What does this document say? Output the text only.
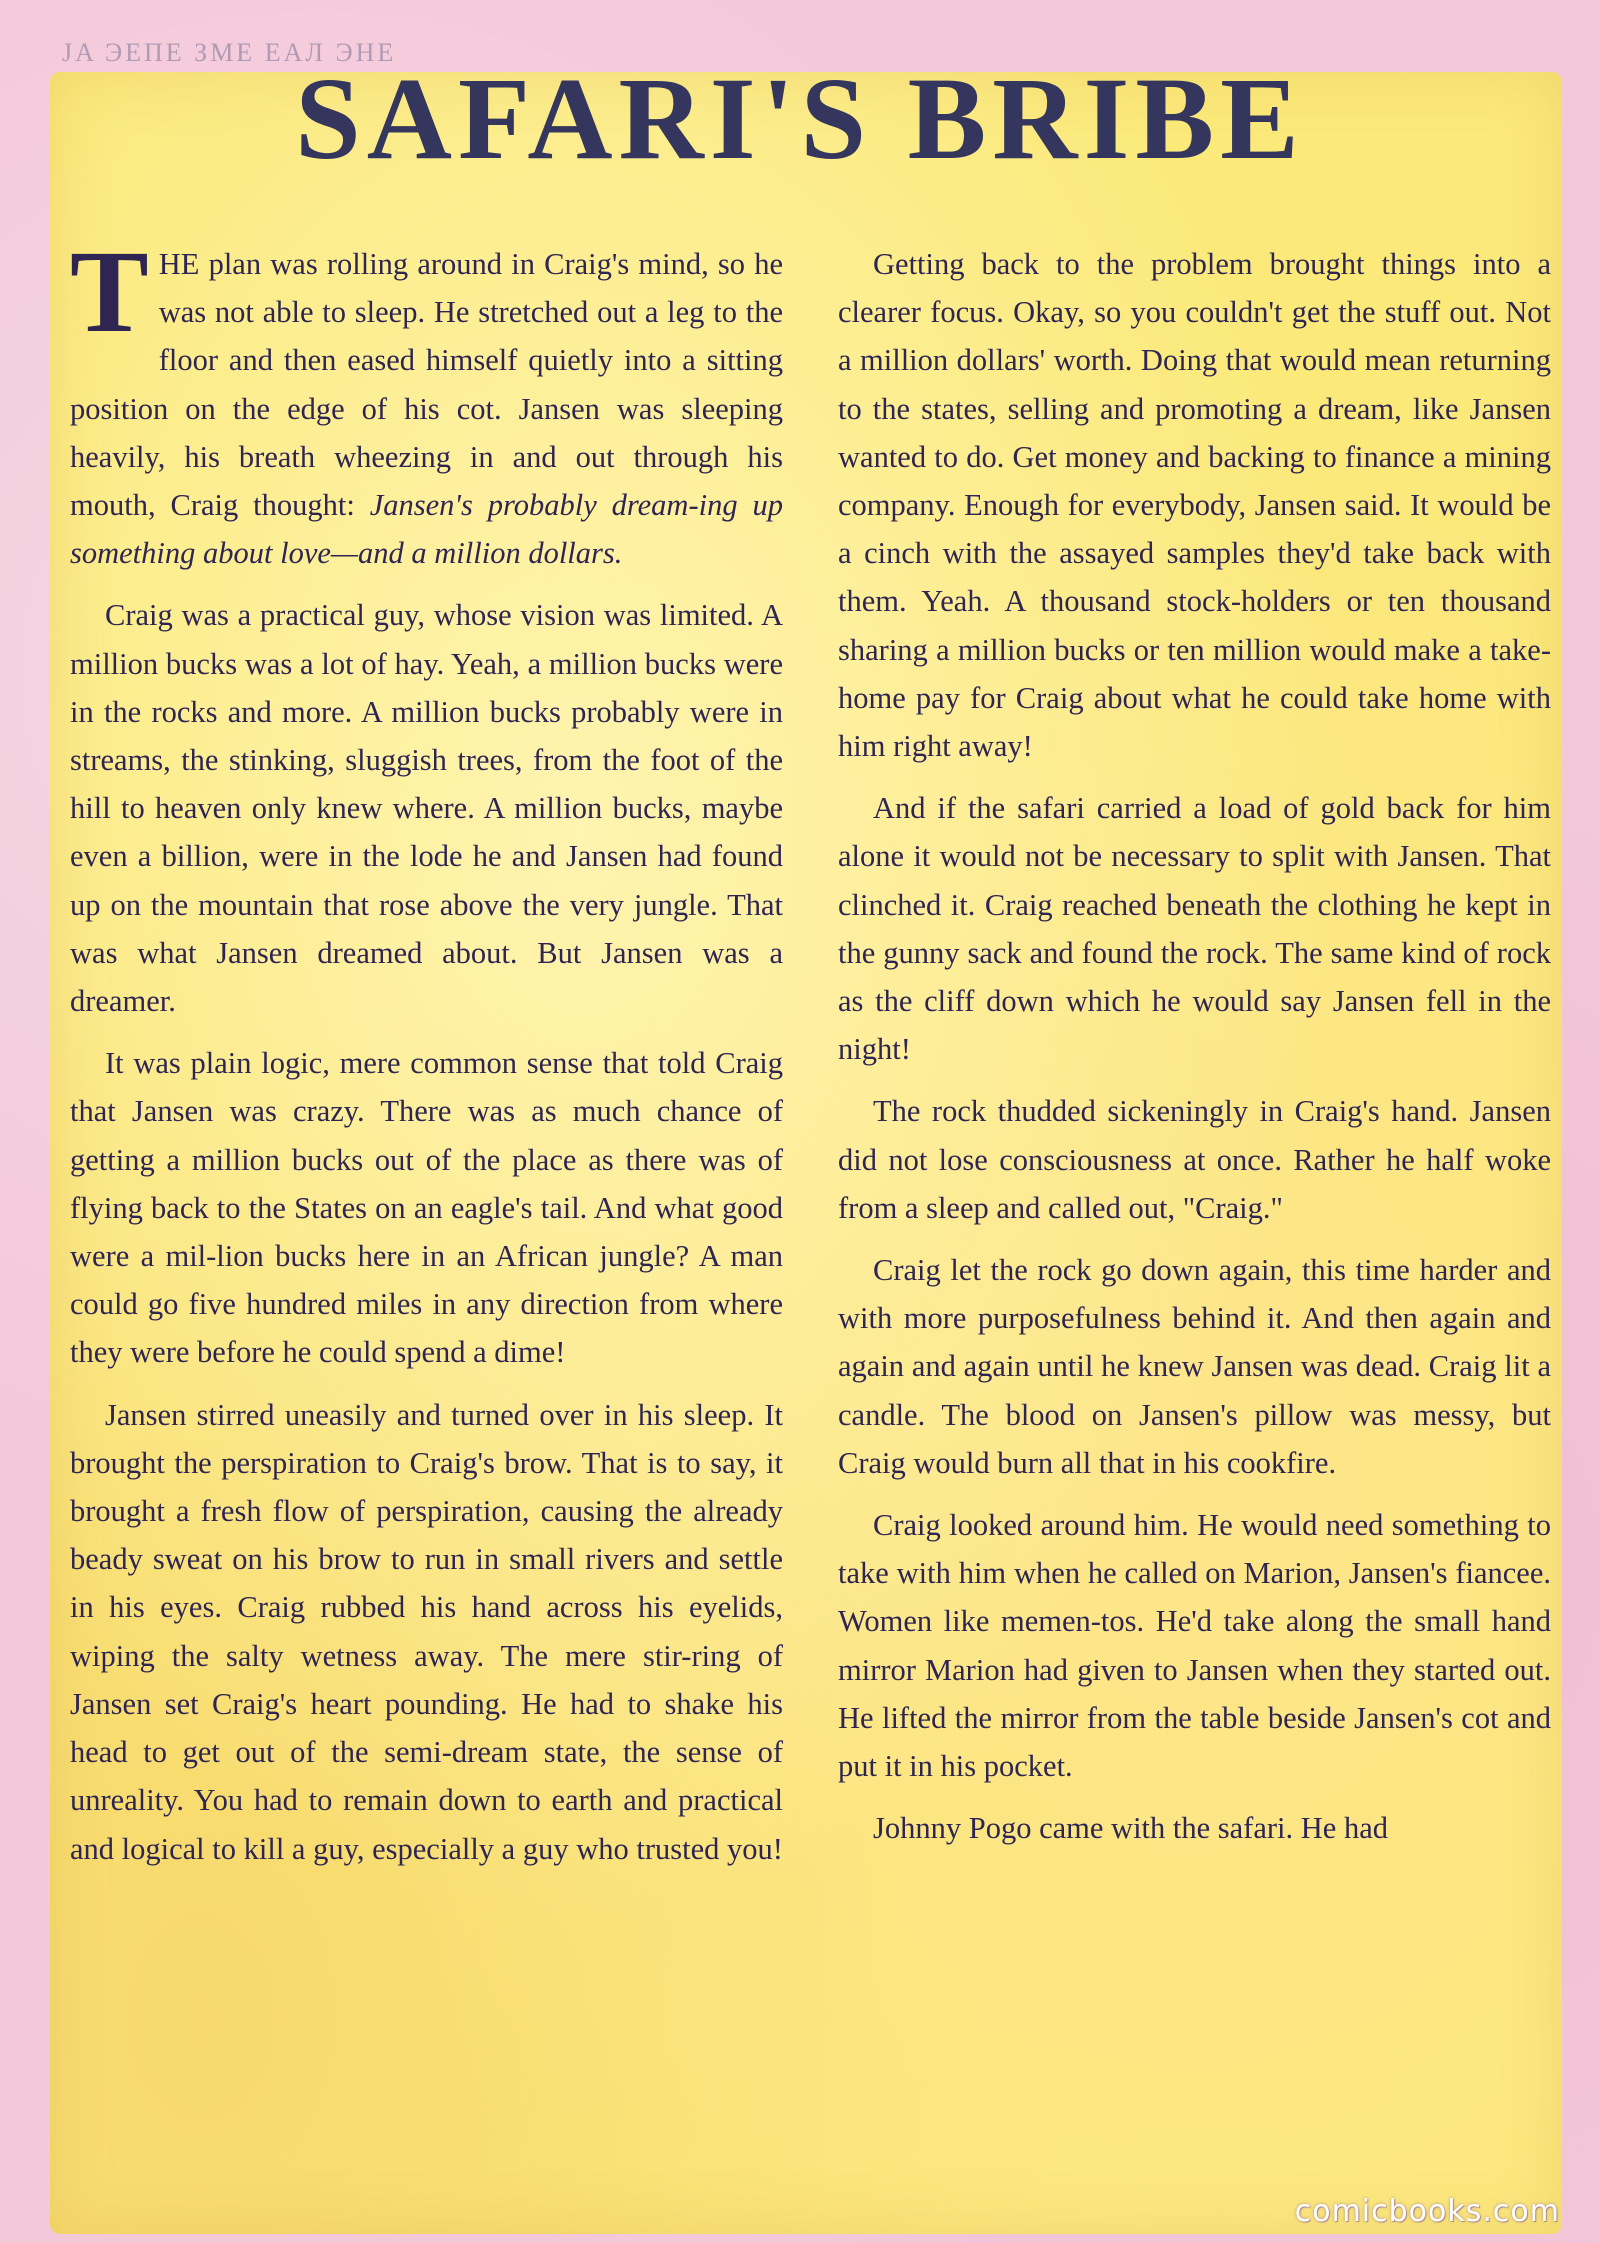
JA ЭЕПЕ ЗМЕ ЕАЛ ЭНЕ
SAFARI'S BRIBE

THE plan was rolling around in Craig's mind, so he was not able to sleep. He stretched out a leg to the floor and then eased himself quietly into a sitting position on the edge of his cot. Jansen was sleeping heavily, his breath wheezing in and out through his mouth, Craig thought: Jansen's probably dream-ing up something about love—and a million dollars.

Craig was a practical guy, whose vision was limited. A million bucks was a lot of hay. Yeah, a million bucks were in the rocks and more. A million bucks probably were in streams, the stinking, sluggish trees, from the foot of the hill to heaven only knew where. A million bucks, maybe even a billion, were in the lode he and Jansen had found up on the mountain that rose above the very jungle. That was what Jansen dreamed about. But Jansen was a dreamer.

It was plain logic, mere common sense that told Craig that Jansen was crazy. There was as much chance of getting a million bucks out of the place as there was of flying back to the States on an eagle's tail. And what good were a mil-lion bucks here in an African jungle? A man could go five hundred miles in any direction from where they were before he could spend a dime!

Jansen stirred uneasily and turned over in his sleep. It brought the perspiration to Craig's brow. That is to say, it brought a fresh flow of perspiration, causing the already beady sweat on his brow to run in small rivers and settle in his eyes. Craig rubbed his hand across his eyelids, wiping the salty wetness away. The mere stir-ring of Jansen set Craig's heart pounding. He had to shake his head to get out of the semi-dream state, the sense of unreality. You had to remain down to earth and practical and logical to kill a guy, especially a guy who trusted you!

Getting back to the problem brought things into a clearer focus. Okay, so you couldn't get the stuff out. Not a million dollars' worth. Doing that would mean returning to the states, selling and promoting a dream, like Jansen wanted to do. Get money and backing to finance a mining company. Enough for everybody, Jansen said. It would be a cinch with the assayed samples they'd take back with them. Yeah. A thousand stock-holders or ten thousand sharing a million bucks or ten million would make a take-home pay for Craig about what he could take home with him right away!

And if the safari carried a load of gold back for him alone it would not be necessary to split with Jansen. That clinched it. Craig reached beneath the clothing he kept in the gunny sack and found the rock. The same kind of rock as the cliff down which he would say Jansen fell in the night!

The rock thudded sickeningly in Craig's hand. Jansen did not lose consciousness at once. Rather he half woke from a sleep and called out, "Craig."

Craig let the rock go down again, this time harder and with more purposefulness behind it. And then again and again and again until he knew Jansen was dead. Craig lit a candle. The blood on Jansen's pillow was messy, but Craig would burn all that in his cookfire.

Craig looked around him. He would need something to take with him when he called on Marion, Jansen's fiancee. Women like memen-tos. He'd take along the small hand mirror Marion had given to Jansen when they started out. He lifted the mirror from the table beside Jansen's cot and put it in his pocket.

Johnny Pogo came with the safari. He had

comicbooks.com
